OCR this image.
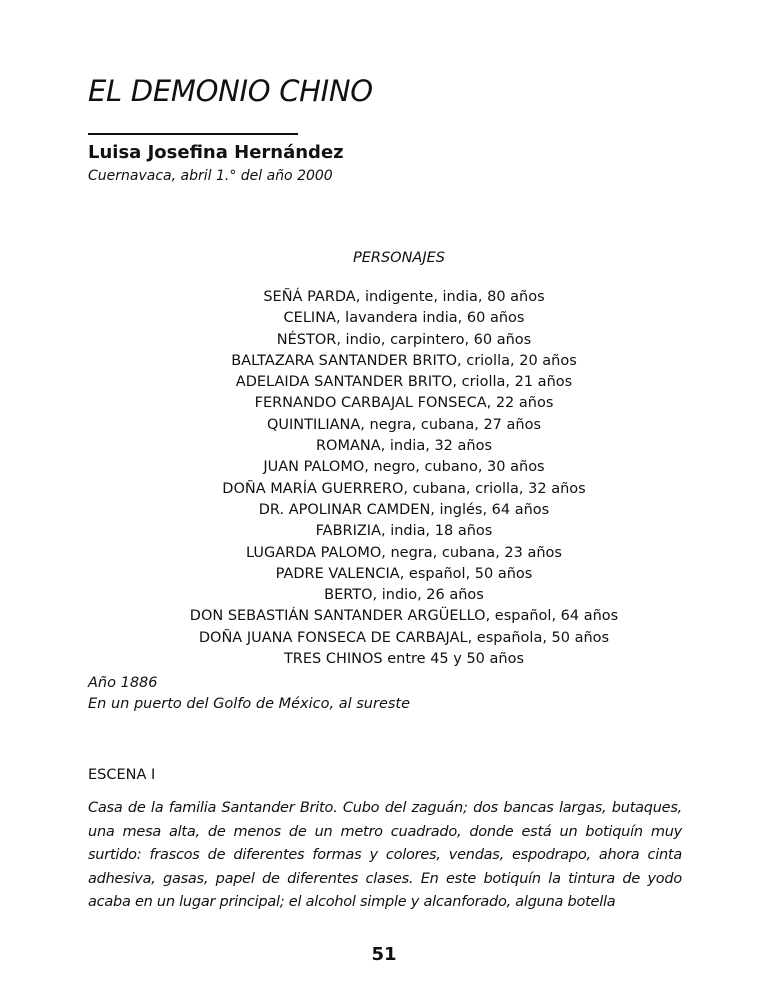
EL DEMONIO CHINO
Luisa Josefina Hernández
Cuernavaca, abril 1.° del año 2000
PERSONAJES
SEÑÁ PARDA, indigente, india, 80 años
CELINA, lavandera india, 60 años
NÉSTOR, indio, carpintero, 60 años
BALTAZARA SANTANDER BRITO, criolla, 20 años
ADELAIDA SANTANDER BRITO, criolla, 21 años
FERNANDO CARBAJAL FONSECA, 22 años
QUINTILIANA, negra, cubana, 27 años
ROMANA, india, 32 años
JUAN PALOMO, negro, cubano, 30 años
DOÑA MARÍA GUERRERO, cubana, criolla, 32 años
DR. APOLINAR CAMDEN, inglés, 64 años
FABRIZIA, india, 18 años
LUGARDA PALOMO, negra, cubana, 23 años
PADRE VALENCIA, español, 50 años
BERTO, indio, 26 años
DON SEBASTIÁN SANTANDER ARGÜELLO, español, 64 años
DOÑA JUANA FONSECA DE CARBAJAL, española, 50 años
TRES CHINOS entre 45 y 50 años
Año 1886
En un puerto del Golfo de México, al sureste
ESCENA I

Casa de la familia Santander Brito. Cubo del zaguán; dos bancas largas, butaques, una mesa alta, de menos de un metro cuadrado, donde está un botiquín muy surtido: frascos de diferentes formas y colores, vendas, espodrapo, ahora cinta adhesiva, gasas, papel de diferentes clases. En este botiquín la tintura de yodo acaba en un lugar principal; el alcohol simple y alcanforado, alguna botella

51
